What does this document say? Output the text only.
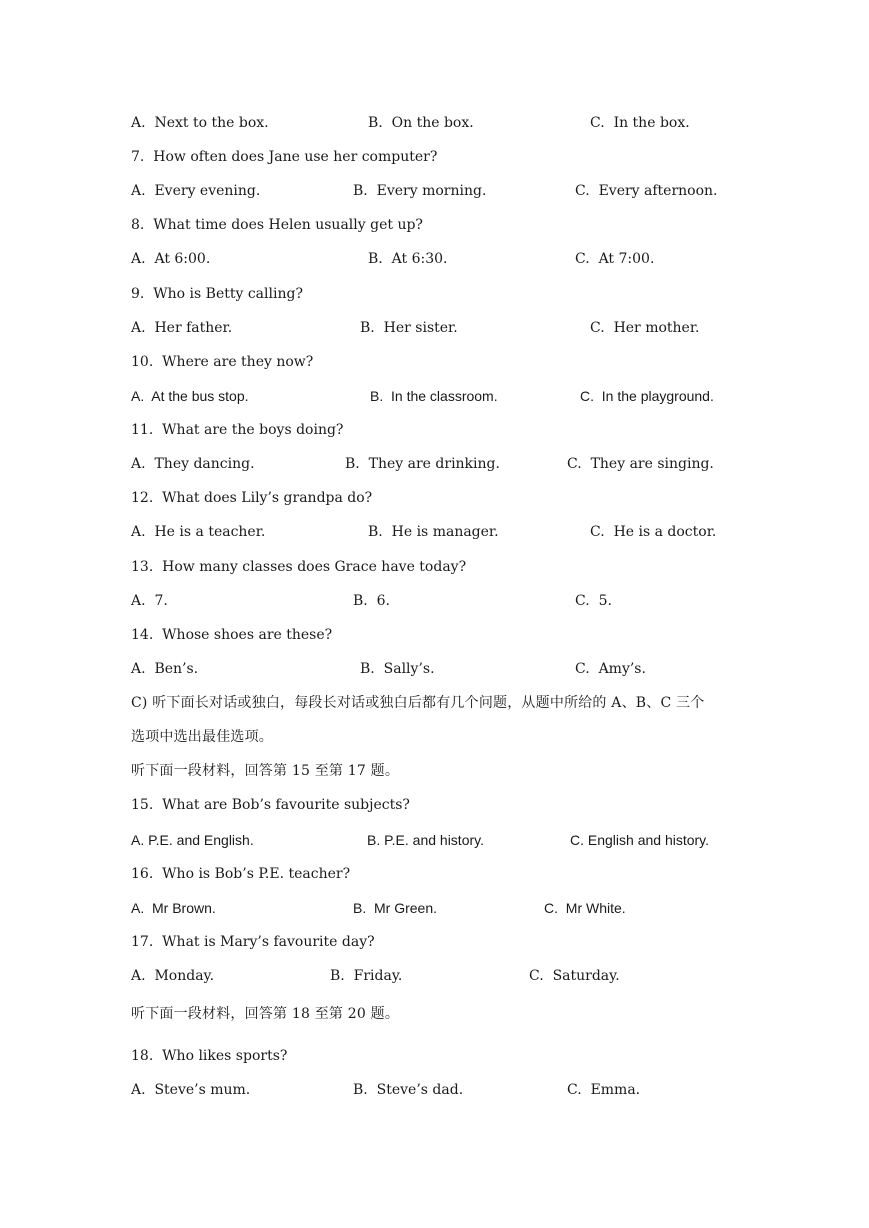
A.  Next to the box.	B.  On the box.	C.  In the box.
7.  How often does Jane use her computer?
A.  Every evening.	B.  Every morning.	C.  Every afternoon.
8.  What time does Helen usually get up?
A.  At 6:00.	B.  At 6:30.	C.  At 7:00.
9.  Who is Betty calling?
A.  Her father.	B.  Her sister.	C.  Her mother.
10.  Where are they now?
A.  At the bus stop.	B.  In the classroom.	C.  In the playground.
11.  What are the boys doing?
A.  They dancing.	B.  They are drinking.	C.  They are singing.
12.  What does Lily’s grandpa do?
A.  He is a teacher.	B.  He is manager.	C.  He is a doctor.
13.  How many classes does Grace have today?
A.  7.	B.  6.	C.  5.
14.  Whose shoes are these?
A.  Ben’s.	B.  Sally’s.	C.  Amy’s.
C) 听下面长对话或独白，每段长对话或独白后都有几个问题，从题中所给的 A、B、C 三个
选项中选出最佳选项。
听下面一段材料，回答第 15 至第 17 题。
15.  What are Bob’s favourite subjects?
A. P.E. and English.	B. P.E. and history.	C. English and history.
16.  Who is Bob’s P.E. teacher?
A.  Mr Brown.	B.  Mr Green.	C.  Mr White.
17.  What is Mary’s favourite day?
A.  Monday.	B.  Friday.	C.  Saturday.
听下面一段材料，回答第 18 至第 20 题。
18.  Who likes sports?
A.  Steve’s mum.	B.  Steve’s dad.	C.  Emma.
